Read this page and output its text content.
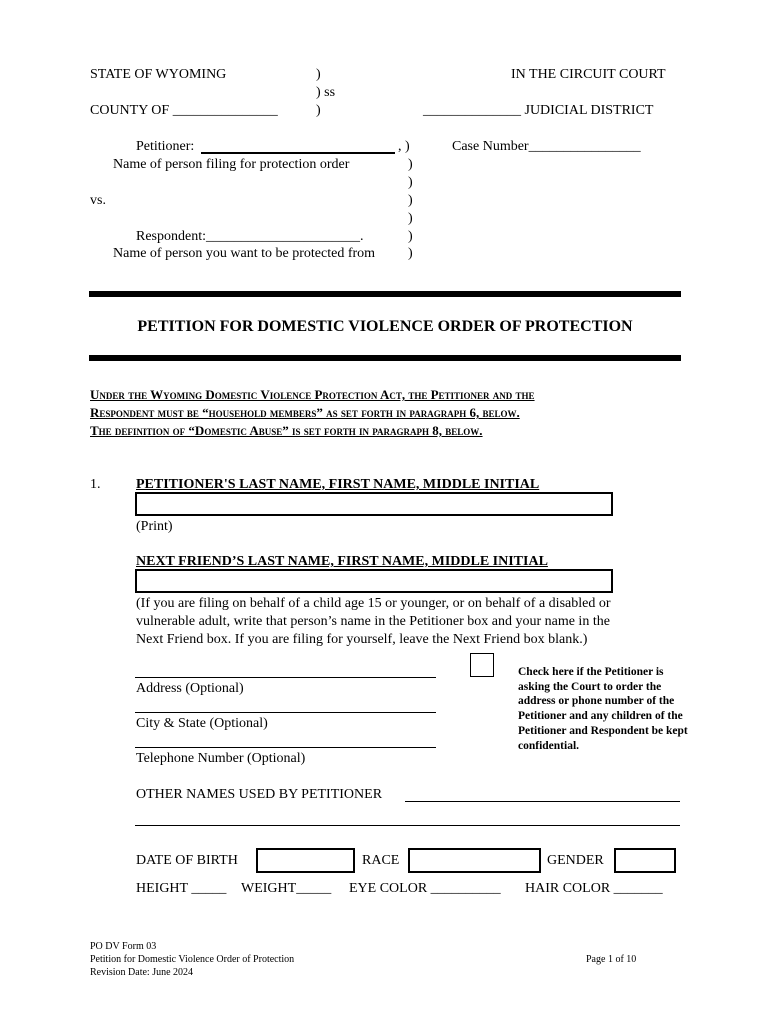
STATE OF WYOMING	)
) ss
)
COUNTY OF _______________
IN THE CIRCUIT COURT
______________ JUDICIAL DISTRICT
Petitioner:	, )
Name of person filing for protection order	)
)
vs.	)
)
Respondent:______________________.	)
Name of person you want to be protected from )
Case Number________________
PETITION FOR DOMESTIC VIOLENCE ORDER OF PROTECTION
Under the Wyoming Domestic Violence Protection Act, the Petitioner and the
Respondent must be “household members” as set forth in paragraph 6, below.
The definition of “Domestic Abuse” is set forth in paragraph 8, below.
1.	PETITIONER'S LAST NAME, FIRST NAME, MIDDLE INITIAL
(Print)
NEXT FRIEND’S LAST NAME, FIRST NAME, MIDDLE INITIAL
(If you are filing on behalf of a child age 15 or younger, or on behalf of a disabled or
vulnerable adult, write that person’s name in the Petitioner box and your name in the
Next Friend box. If you are filing for yourself, leave the Next Friend box blank.)
Address (Optional)
City & State (Optional)
Telephone Number (Optional)
Check here if the Petitioner is asking the Court to order the address or phone number of the Petitioner and any children of the Petitioner and Respondent be kept confidential.
OTHER NAMES USED BY PETITIONER
DATE OF BIRTH	RACE	GENDER
HEIGHT _____ WEIGHT_____ EYE COLOR __________ HAIR COLOR _______
PO DV Form 03
Petition for Domestic Violence Order of Protection
Revision Date: June 2024
Page 1 of 10
